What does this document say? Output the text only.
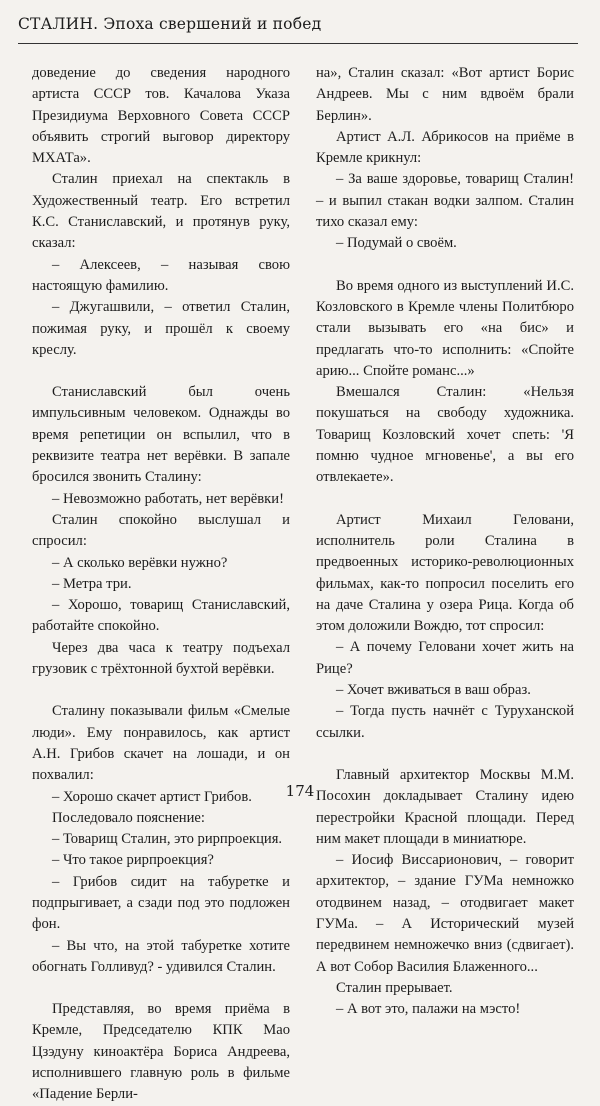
СТАЛИН. Эпоха свершений и побед

доведение до сведения народного артиста СССР тов. Качалова Указа Президиума Верховного Совета СССР объявить строгий выговор директору МХАТа».

Сталин приехал на спектакль в Художественный театр. Его встретил К.С. Станиславский, и протянув руку, сказал:

– Алексеев, – называя свою настоящую фамилию.

– Джугашвили, – ответил Сталин, пожимая руку, и прошёл к своему креслу.

Станиславский был очень импульсивным человеком. Однажды во время репетиции он вспылил, что в реквизите театра нет верёвки. В запале бросился звонить Сталину:

– Невозможно работать, нет верёвки!

Сталин спокойно выслушал и спросил:

– А сколько верёвки нужно?

– Метра три.

– Хорошо, товарищ Станиславский, работайте спокойно.

Через два часа к театру подъехал грузовик с трёхтонной бухтой верёвки.

Сталину показывали фильм «Смелые люди». Ему понравилось, как артист А.Н. Грибов скачет на лошади, и он похвалил:

– Хорошо скачет артист Грибов.

Последовало пояснение:

– Товарищ Сталин, это рирпроекция.

– Что такое рирпроекция?

– Грибов сидит на табуретке и подпрыгивает, а сзади под это подложен фон.

– Вы что, на этой табуретке хотите обогнать Голливуд? - удивился Сталин.

Представляя, во время приёма в Кремле, Председателю КПК Мао Цзэдуну киноактёра Бориса Андреева, исполнившего главную роль в фильме «Падение Берли-

на», Сталин сказал: «Вот артист Борис Андреев. Мы с ним вдвоём брали Берлин».

Артист А.Л. Абрикосов на приёме в Кремле крикнул:

– За ваше здоровье, товарищ Сталин! – и выпил стакан водки залпом. Сталин тихо сказал ему:

– Подумай о своём.

Во время одного из выступлений И.С. Козловского в Кремле члены Политбюро стали вызывать его «на бис» и предлагать что-то исполнить: «Спойте арию... Спойте романс...»

Вмешался Сталин: «Нельзя покушаться на свободу художника. Товарищ Козловский хочет спеть: 'Я помню чудное мгновенье', а вы его отвлекаете».

Артист Михаил Геловани, исполнитель роли Сталина в предвоенных историко-революционных фильмах, как-то попросил поселить его на даче Сталина у озера Рица. Когда об этом доложили Вождю, тот спросил:

– А почему Геловани хочет жить на Рице?

– Хочет вживаться в ваш образ.

– Тогда пусть начнёт с Туруханской ссылки.

Главный архитектор Москвы М.М. Посохин докладывает Сталину идею перестройки Красной площади. Перед ним макет площади в миниатюре.

– Иосиф Виссарионович, – говорит архитектор, – здание ГУМа немножко отодвинем назад, – отодвигает макет ГУМа. – А Исторический музей передвинем немножечко вниз (сдвигает). А вот Собор Василия Блаженного...

Сталин прерывает.

– А вот это, палажи на мэсто!

174
